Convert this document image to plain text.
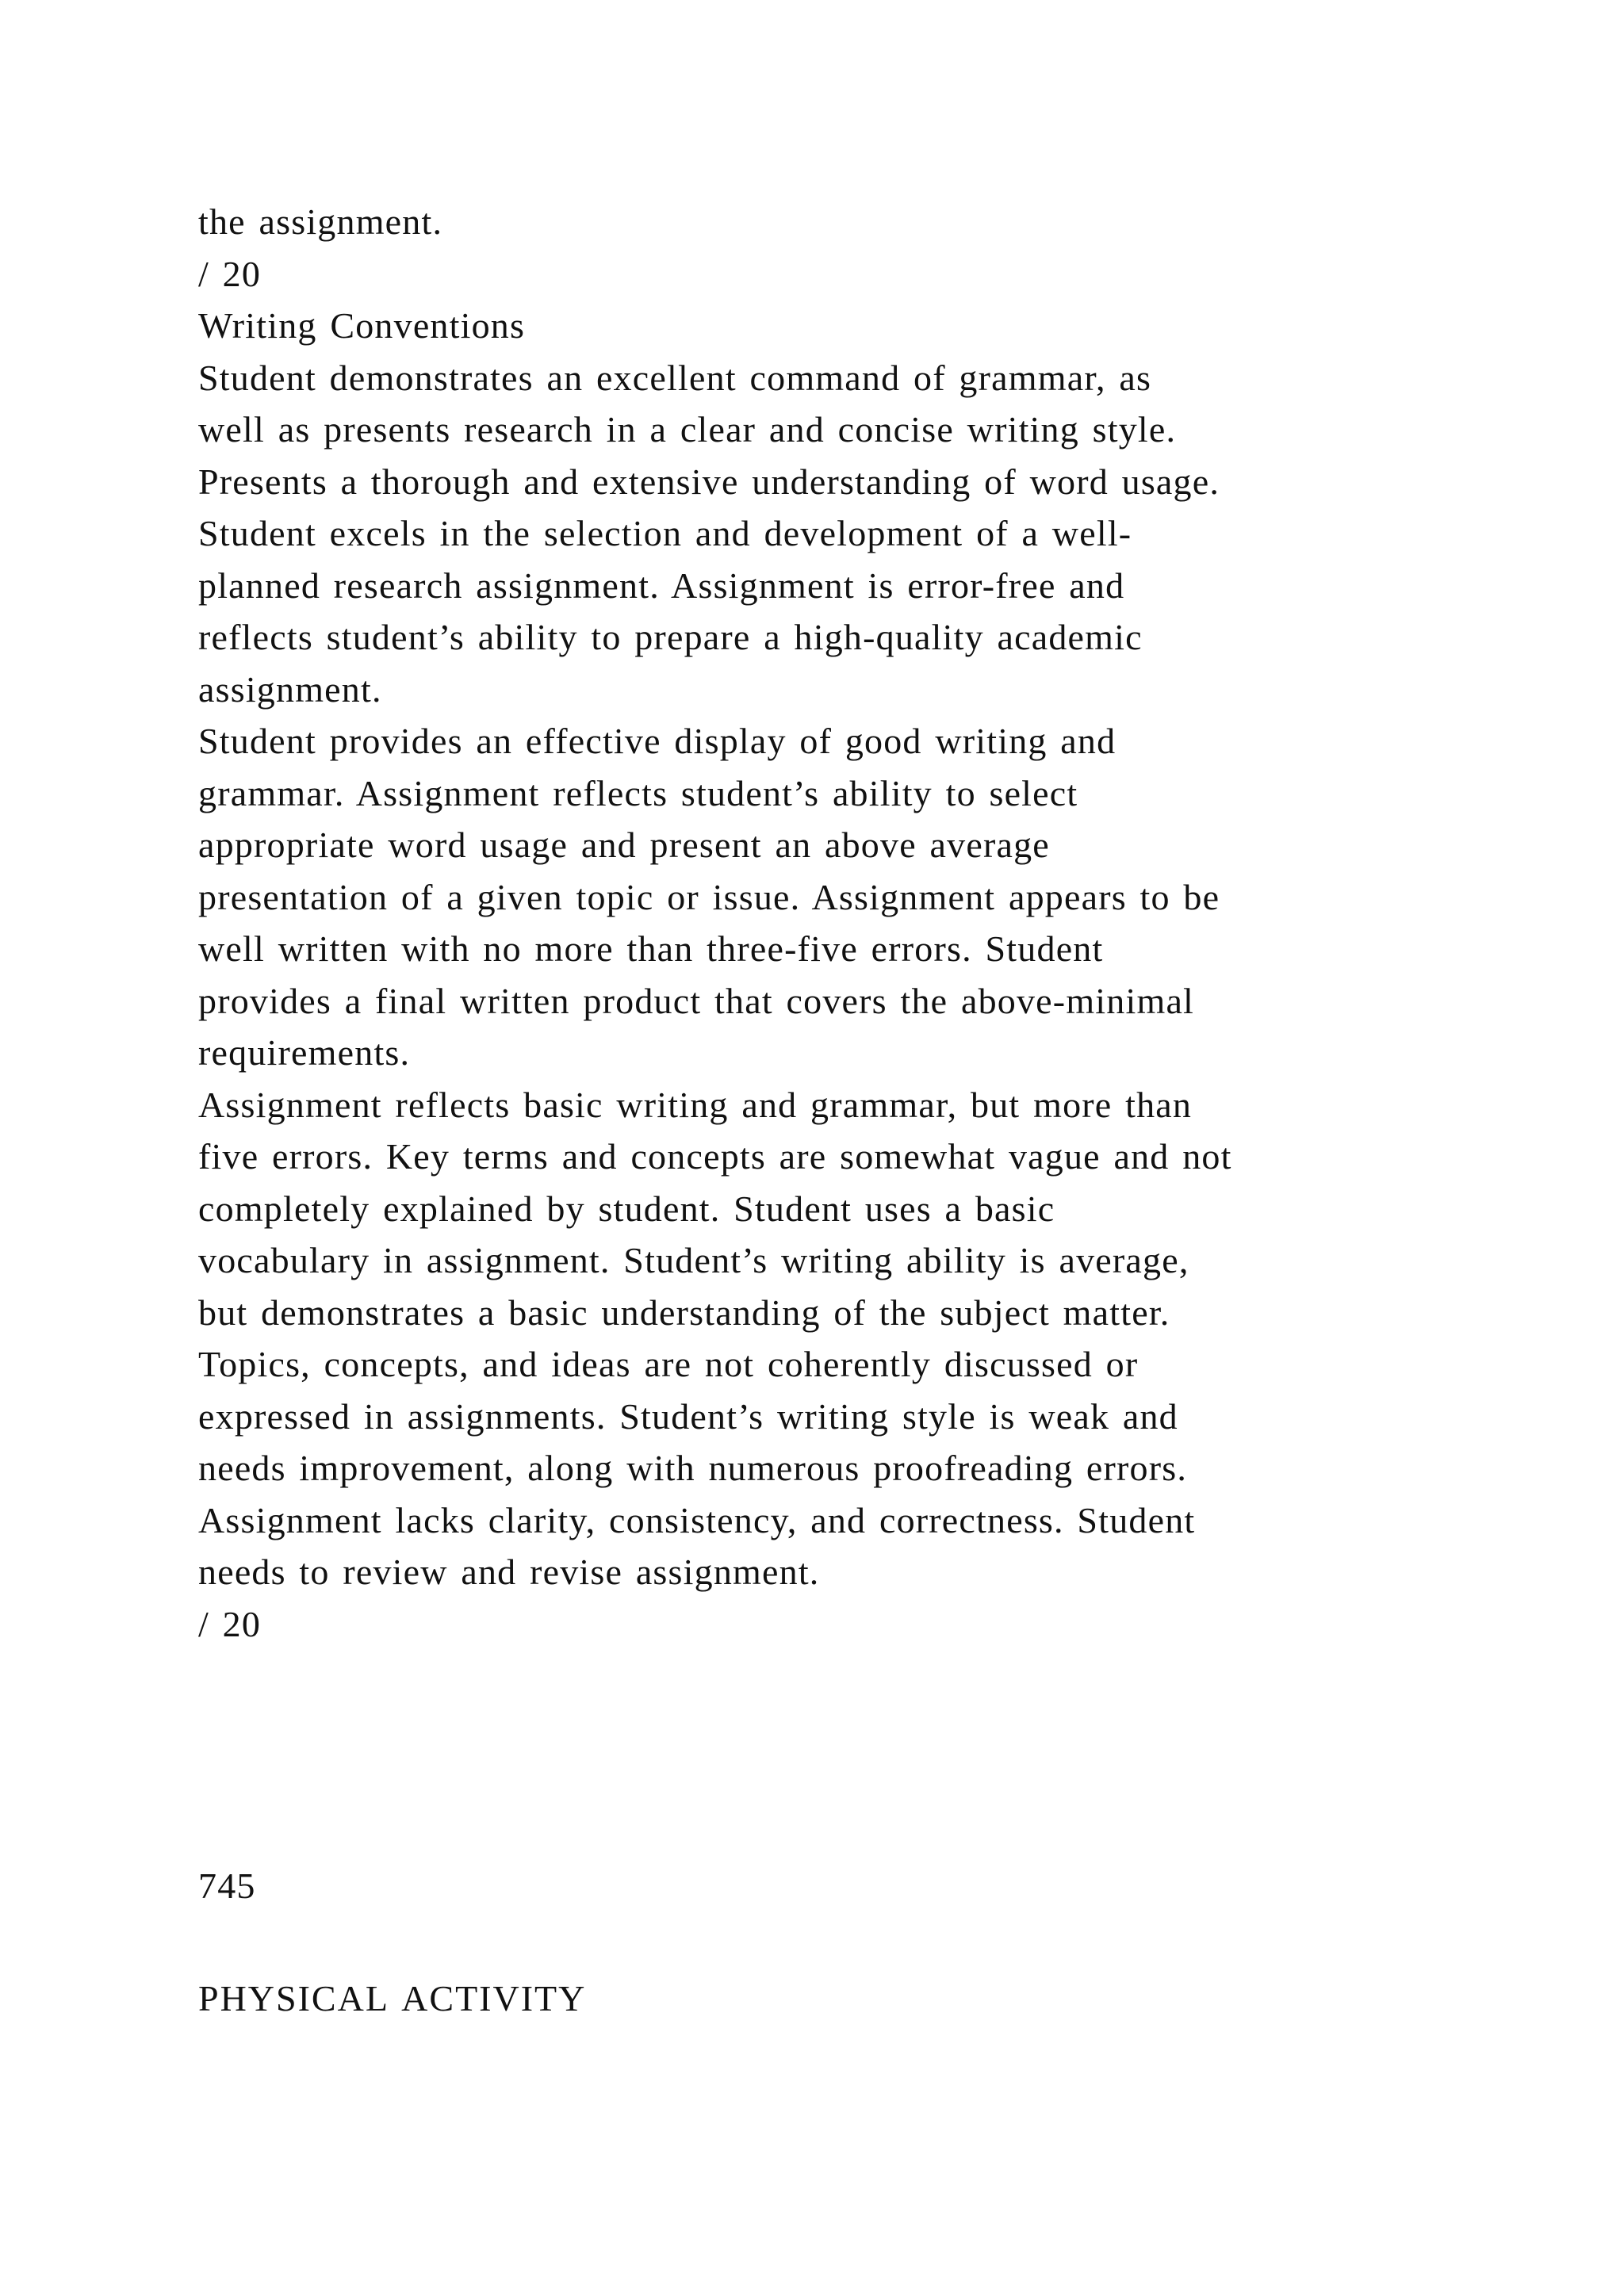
the assignment.
/ 20
Writing Conventions
Student demonstrates an excellent command of grammar, as
well as presents research in a clear and concise writing style.
Presents a thorough and extensive understanding of word usage.
Student excels in the selection and development of a well-
planned research assignment. Assignment is error-free and
reflects student’s ability to prepare a high-quality academic
assignment.
Student provides an effective display of good writing and
grammar. Assignment reflects student’s ability to select
appropriate word usage and present an above average
presentation of a given topic or issue. Assignment appears to be
well written with no more than three-five errors. Student
provides a final written product that covers the above-minimal
requirements.
Assignment reflects basic writing and grammar, but more than
five errors. Key terms and concepts are somewhat vague and not
completely explained by student. Student uses a basic
vocabulary in assignment. Student’s writing ability is average,
but demonstrates a basic understanding of the subject matter.
Topics, concepts, and ideas are not coherently discussed or
expressed in assignments. Student’s writing style is weak and
needs improvement, along with numerous proofreading errors.
Assignment lacks clarity, consistency, and correctness. Student
needs to review and revise assignment.
/ 20
745
PHYSICAL ACTIVITY
